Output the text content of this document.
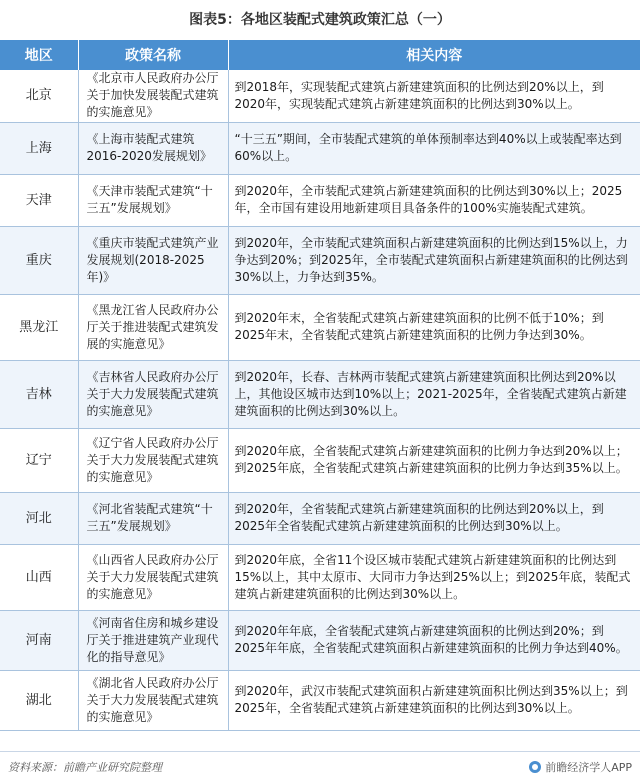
图表5：各地区装配式建筑政策汇总（一）
地区	政策名称	相关内容
北京	《北京市人民政府办公厅关于加快发展装配式建筑的实施意见》	到2018年，实现装配式建筑占新建建筑面积的比例达到20%以上，到2020年，实现装配式建筑占新建建筑面积的比例达到30%以上。
上海	《上海市装配式建筑2016-2020发展规划》	“十三五”期间，全市装配式建筑的单体预制率达到40%以上或装配率达到60%以上。
天津	《天津市装配式建筑“十三五”发展规划》	到2020年，全市装配式建筑占新建建筑面积的比例达到30%以上；2025年，全市国有建设用地新建项目具备条件的100%实施装配式建筑。
重庆	《重庆市装配式建筑产业发展规划(2018-2025年)》	到2020年，全市装配式建筑面积占新建建筑面积的比例达到15%以上，力争达到20%；到2025年，全市装配式建筑面积占新建建筑面积的比例达到30%以上，力争达到35%。
黑龙江	《黑龙江省人民政府办公厅关于推进装配式建筑发展的实施意见》	到2020年末，全省装配式建筑占新建建筑面积的比例不低于10%；到2025年末，全省装配式建筑占新建建筑面积的比例力争达到30%。
吉林	《吉林省人民政府办公厅关于大力发展装配式建筑的实施意见》	到2020年，长春、吉林两市装配式建筑占新建建筑面积比例达到20%以上，其他设区城市达到10%以上；2021-2025年，全省装配式建筑占新建建筑面积的比例达到30%以上。
辽宁	《辽宁省人民政府办公厅关于大力发展装配式建筑的实施意见》	到2020年底，全省装配式建筑占新建建筑面积的比例力争达到20%以上；到2025年底，全省装配式建筑占新建建筑面积的比例力争达到35%以上。
河北	《河北省装配式建筑“十三五”发展规划》	到2020年，全省装配式建筑占新建建筑面积的比例达到20%以上，到2025年全省装配式建筑占新建建筑面积的比例达到30%以上。
山西	《山西省人民政府办公厅关于大力发展装配式建筑的实施意见》	到2020年底，全省11个设区城市装配式建筑占新建建筑面积的比例达到15%以上，其中太原市、大同市力争达到25%以上；到2025年底，装配式建筑占新建建筑面积的比例达到30%以上。
河南	《河南省住房和城乡建设厅关于推进建筑产业现代化的指导意见》	到2020年年底，全省装配式建筑占新建建筑面积的比例达到20%；到2025年年底，全省装配式建筑面积占新建建筑面积的比例力争达到40%。
湖北	《湖北省人民政府办公厅关于大力发展装配式建筑的实施意见》	到2020年，武汉市装配式建筑面积占新建建筑面积比例达到35%以上；到2025年，全省装配式建筑占新建建筑面积的比例达到30%以上。
资料来源：前瞻产业研究院整理	前瞻经济学人APP
